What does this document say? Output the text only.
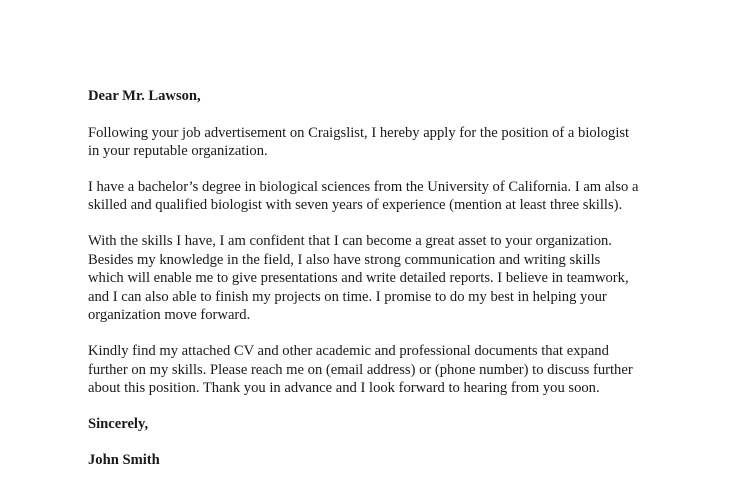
Dear Mr. Lawson,

Following your job advertisement on Craigslist, I hereby apply for the position of a biologist
in your reputable organization.

I have a bachelor’s degree in biological sciences from the University of California. I am also a
skilled and qualified biologist with seven years of experience (mention at least three skills).

With the skills I have, I am confident that I can become a great asset to your organization.
Besides my knowledge in the field, I also have strong communication and writing skills
which will enable me to give presentations and write detailed reports. I believe in teamwork,
and I can also able to finish my projects on time. I promise to do my best in helping your
organization move forward.

Kindly find my attached CV and other academic and professional documents that expand
further on my skills. Please reach me on (email address) or (phone number) to discuss further
about this position. Thank you in advance and I look forward to hearing from you soon.

Sincerely,

John Smith
